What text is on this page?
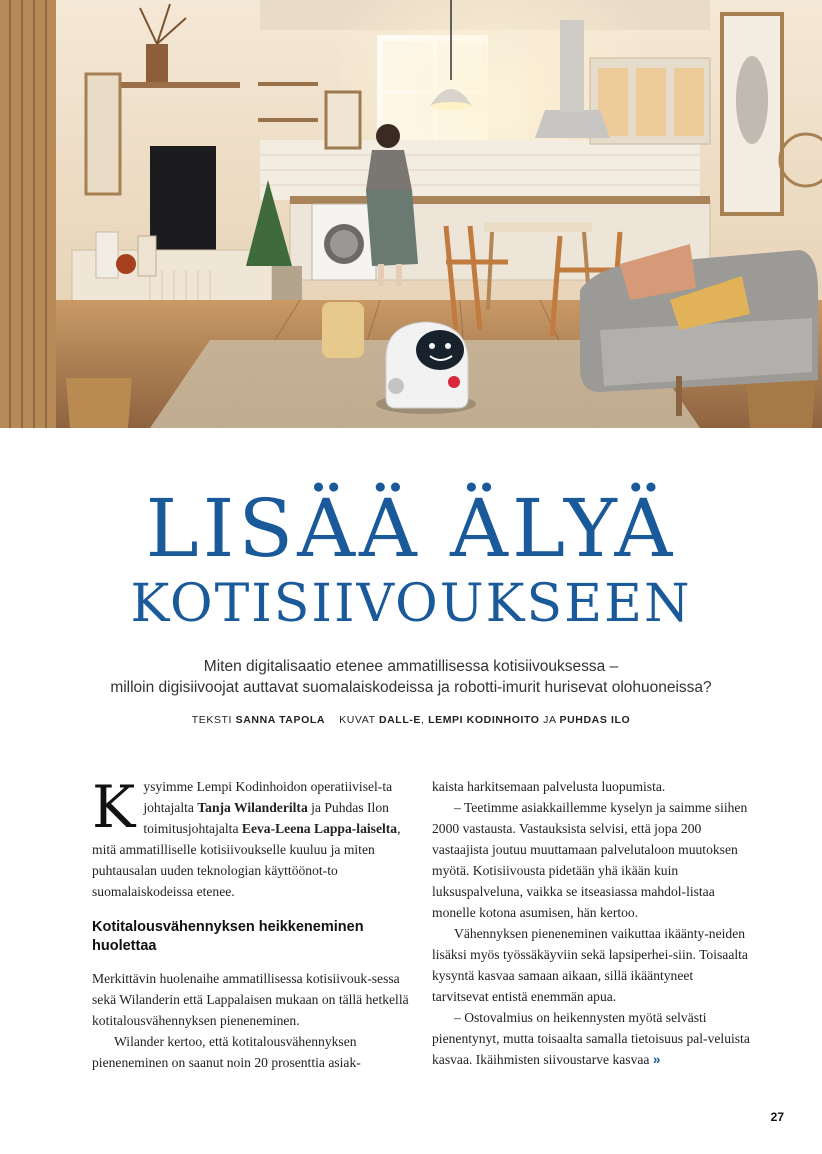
LISÄÄ ÄLYÄ
KOTISIIVOUKSEEN
Miten digitalisaatio etenee ammatillisessa kotisiivouksessa –
milloin digisiivoojat auttavat suomalaiskodeissa ja robotti-imurit hurisevat olohuoneissa?
TEKSTI SANNA TAPOLA KUVAT DALL-E, LEMPI KODINHOITO JA PUHDAS ILO

Kysyimme Lempi Kodinhoidon operatiivisel-ta johtajalta Tanja Wilanderilta ja Puhdas Ilon toimitusjohtajalta Eeva-Leena Lappa-laiselta, mitä ammatilliselle kotisiivoukselle kuuluu ja miten puhtausalan uuden teknologian käyttöönot-to suomalaiskodeissa etenee.

Kotitalousvähennyksen heikkeneminen huolettaa

Merkittävin huolenaihe ammatillisessa kotisiivouk-sessa sekä Wilanderin että Lappalaisen mukaan on tällä hetkellä kotitalousvähennyksen pieneneminen.

Wilander kertoo, että kotitalousvähennyksen pieneneminen on saanut noin 20 prosenttia asiak-

kaista harkitsemaan palvelusta luopumista.

– Teetimme asiakkaillemme kyselyn ja saimme siihen 2000 vastausta. Vastauksista selvisi, että jopa 200 vastaajista joutuu muuttamaan palvelutaloon muutoksen myötä. Kotisiivousta pidetään yhä ikään kuin luksuspalveluna, vaikka se itseasiassa mahdol-listaa monelle kotona asumisen, hän kertoo.

Vähennyksen pieneneminen vaikuttaa ikäänty-neiden lisäksi myös työssäkäyviin sekä lapsiperhei-siin. Toisaalta kysyntä kasvaa samaan aikaan, sillä ikääntyneet tarvitsevat entistä enemmän apua.

– Ostovalmius on heikennysten myötä selvästi pienentynyt, mutta toisaalta samalla tietoisuus pal-veluista kasvaa. Ikäihmisten siivoustarve kasvaa »

27
